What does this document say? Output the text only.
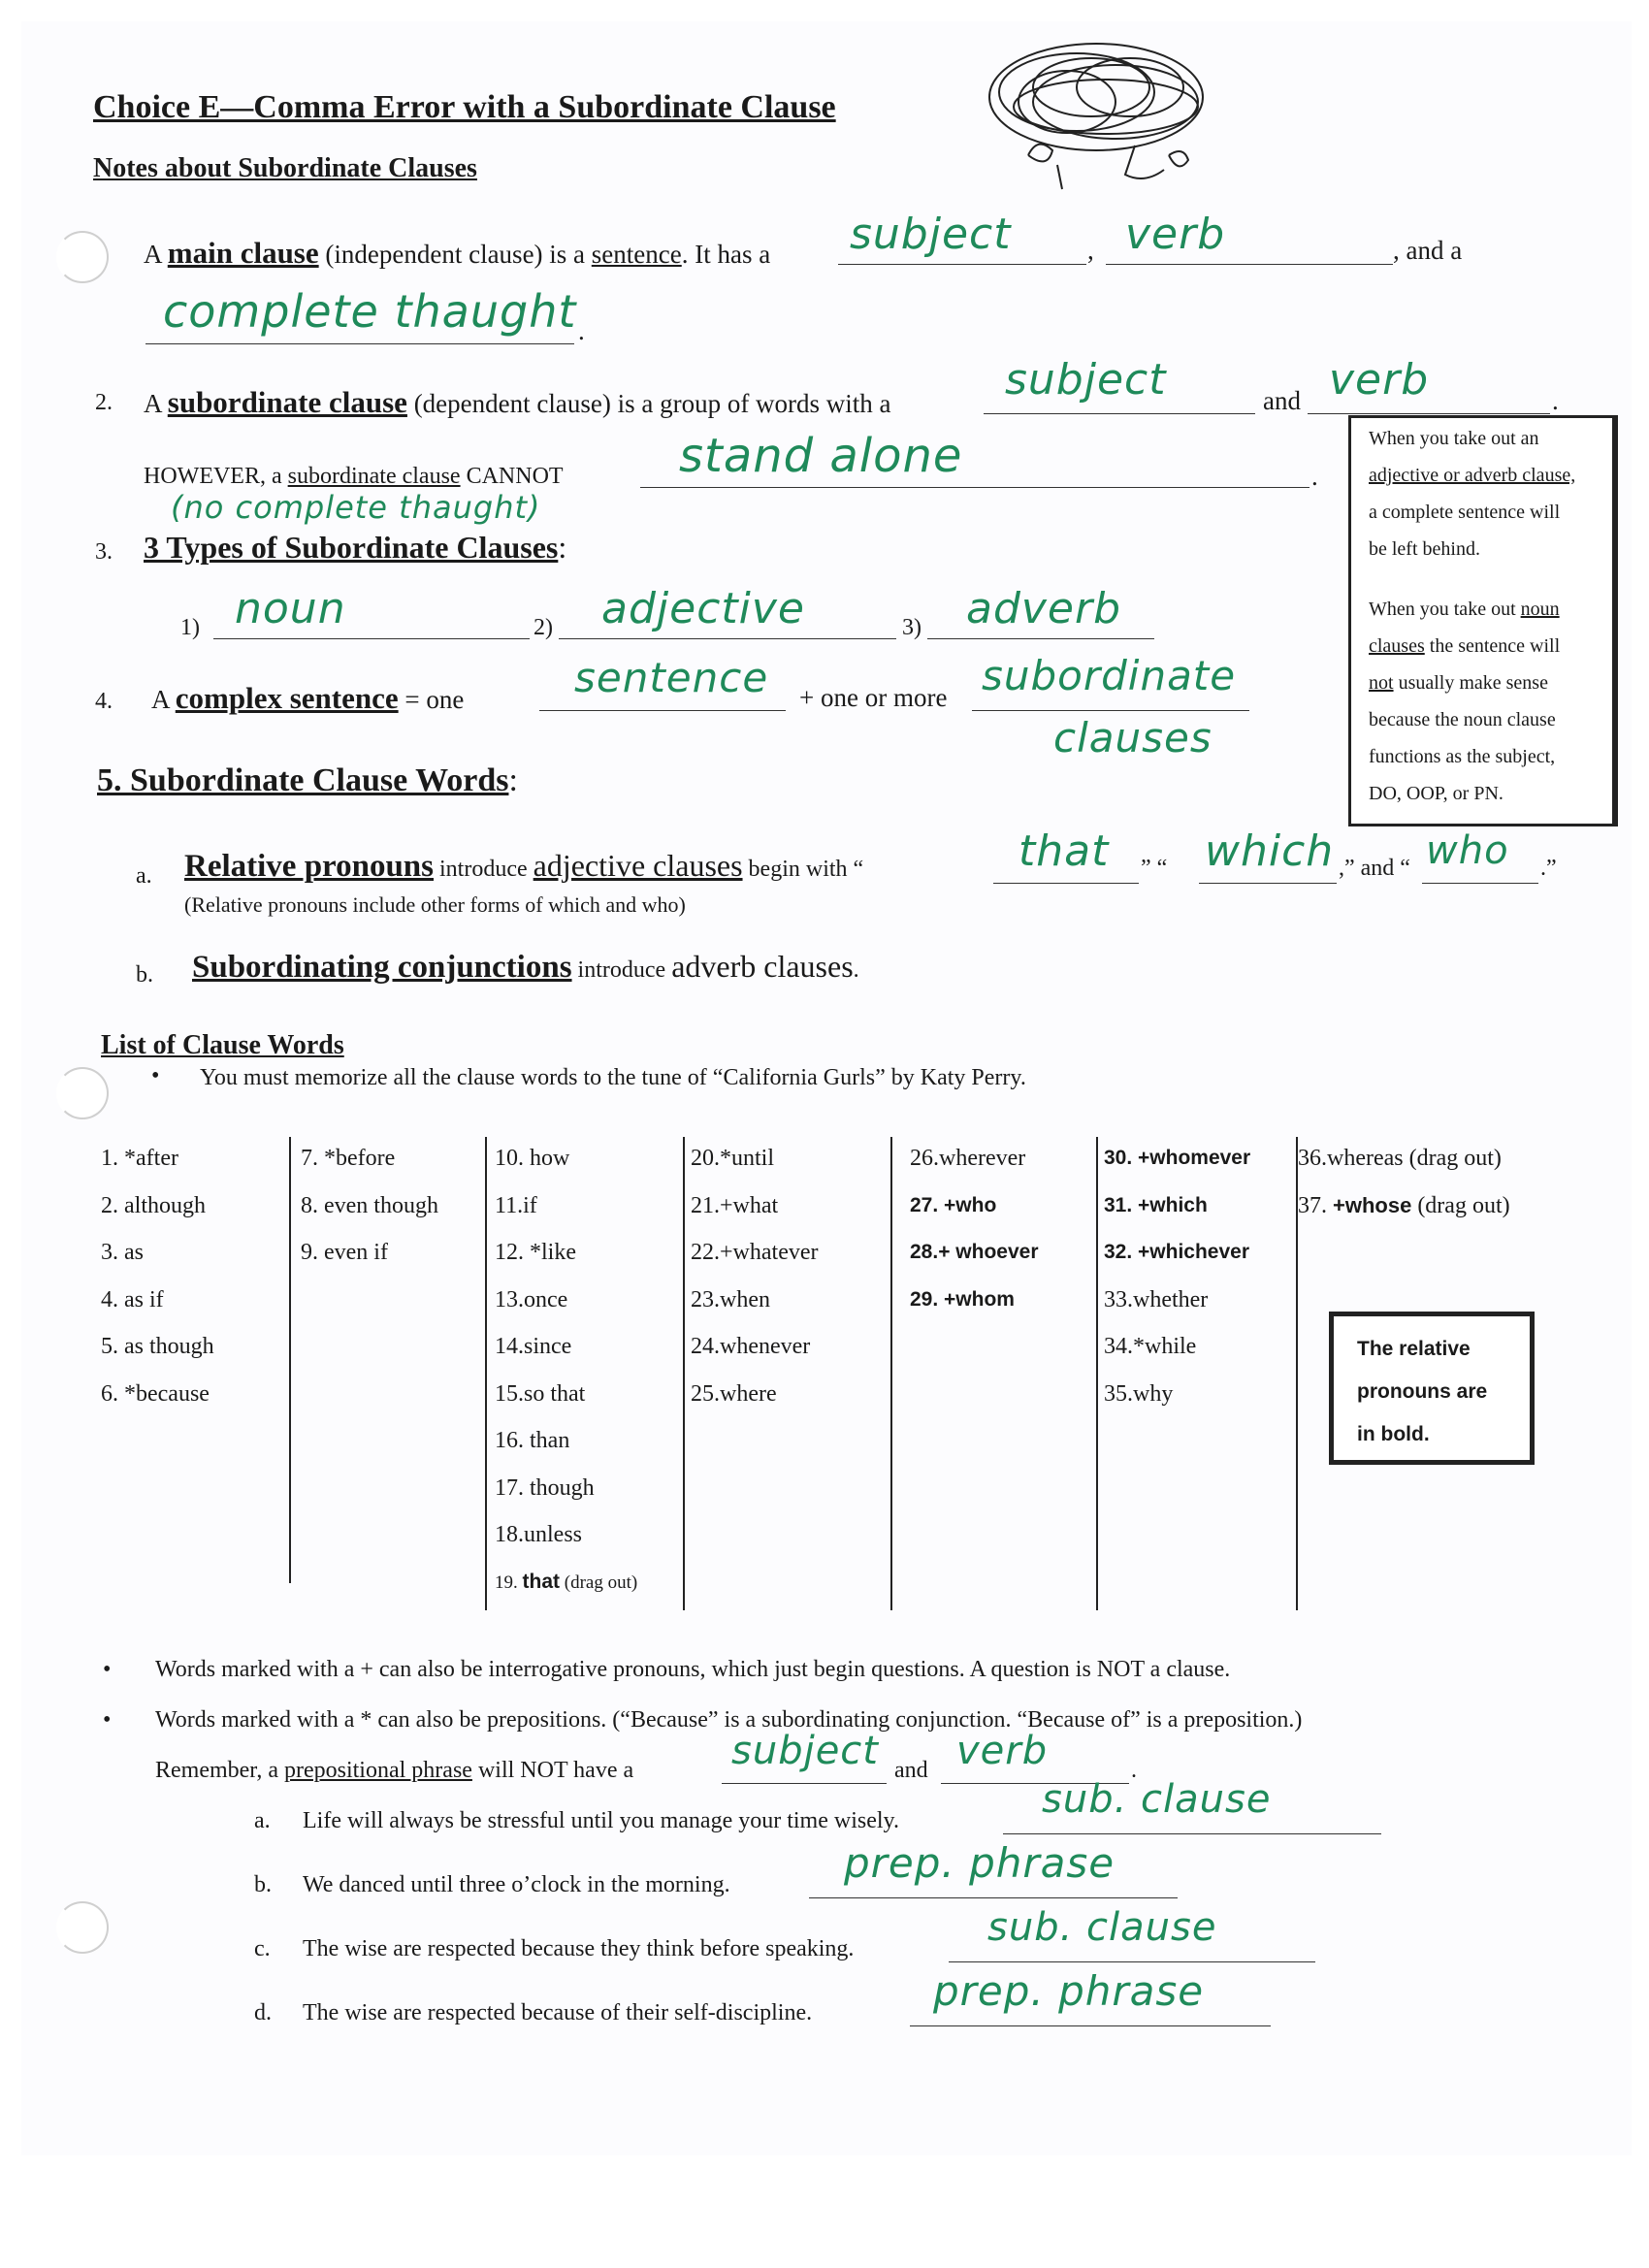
Choice E—Comma Error with a Subordinate Clause
Notes about Subordinate Clauses
A main clause (independent clause) is a sentence. It has a subject	, verb	, and a
complete thaught .
2. A subordinate clause (dependent clause) is a group of words with a	subject	and verb	.
HOWEVER, a subordinate clause CANNOT	stand alone	.
(no complete thaught)
3. 3 Types of Subordinate Clauses:
1) noun	2)	adjective	3)	adverb
4. A complex sentence = one	sentence	+ one or more subordinate
clauses
5. Subordinate Clause Words:
a. Relative pronouns introduce adjective clauses begin with “	that	” “ which ,” and “ who	.”
(Relative pronouns include other forms of which and who)
b. Subordinating conjunctions introduce adverb clauses.
List of Clause Words
• You must memorize all the clause words to the tune of “California Gurls” by Katy Perry.
1. *after
2. although
3. as
4. as if
5. as though
6. *because
7. *before
8. even though
9. even if
10. how
11.if
12. *like
13.once
14.since
15.so that
16. than
17. though
18.unless
19. that (drag out)
20.*until
21.+what
22.+whatever
23.when
24.whenever
25.where
26.wherever
27. +who
28.+ whoever
29. +whom
30. +whomever
31. +which
32. +whichever
33.whether
34.*while
35.why
36.whereas (drag out)
37. +whose (drag out)
When you take out an
adjective or adverb clause,
a complete sentence will
be left behind.
When you take out noun
clauses the sentence will
not usually make sense
because the noun clause
functions as the subject,
DO, OOP, or PN.
The relative
pronouns are
in bold.
• Words marked with a + can also be interrogative pronouns, which just begin questions. A question is NOT a clause.
• Words marked with a * can also be prepositions. (“Because” is a subordinating conjunction. “Because of” is a preposition.)
Remember, a prepositional phrase will NOT have a	subject and verb	.
a. Life will always be stressful until you manage your time wisely.	sub. clause
b. We danced until three o’clock in the morning.	prep. phrase
c. The wise are respected because they think before speaking.	sub. clause
d. The wise are respected because of their self-discipline.	prep. phrase
